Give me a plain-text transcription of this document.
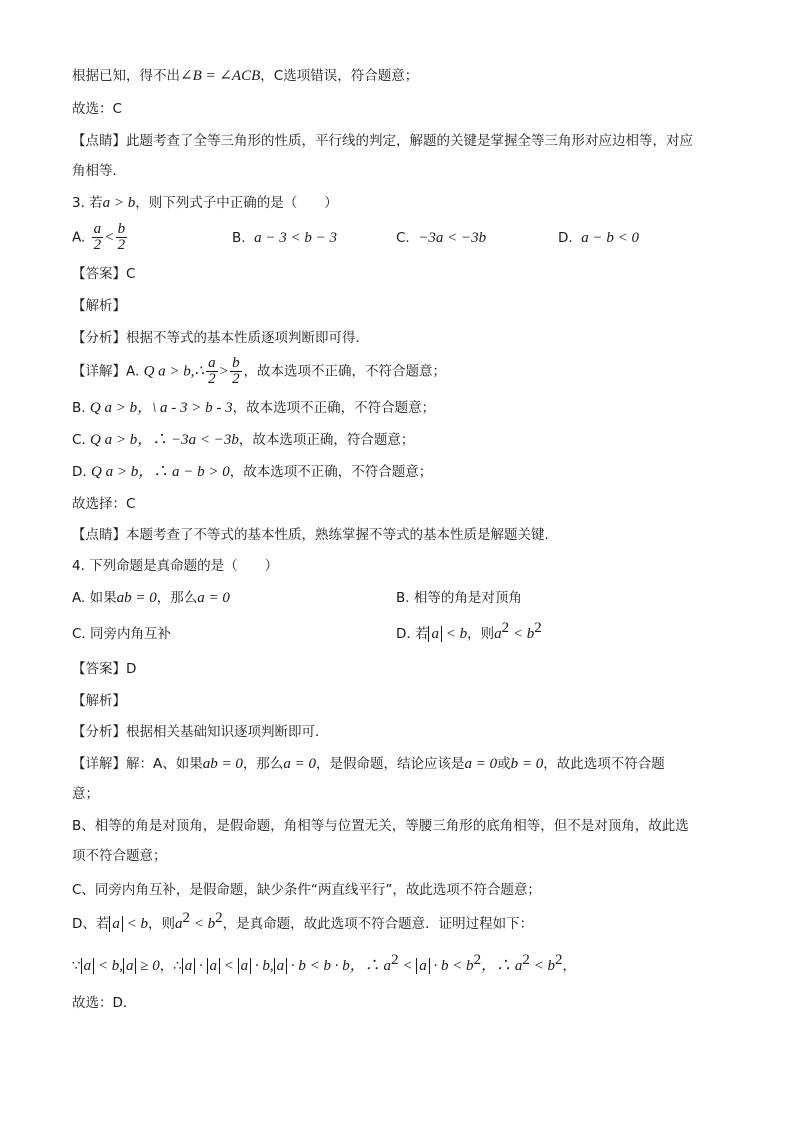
根据已知，得不出∠B = ∠ACB，C选项错误，符合题意；
故选：C
【点睛】此题考查了全等三角形的性质，平行线的判定，解题的关键是掌握全等三角形对应边相等，对应
角相等．
3. 若a > b，则下列式子中正确的是（　　）
A. $\frac{a}{2} < \frac{b}{2}$	B. a − 3 < b − 3	C. −3a < −3b	D. a − b < 0
【答案】C
【解析】
【分析】根据不等式的基本性质逐项判断即可得．
【详解】A. Q a > b,∴ $\frac{a}{2} > \frac{b}{2}$ ，故本选项不正确，不符合题意；
B. Q a > b，\ a - 3 > b - 3，故本选项不正确，不符合题意；
C. Q a > b，∴ −3a < −3b，故本选项正确，符合题意；
D. Q a > b，∴ a − b > 0，故本选项不正确，不符合题意；
故选择：C
【点睛】本题考查了不等式的基本性质，熟练掌握不等式的基本性质是解题关键．
4. 下列命题是真命题的是（　　）
A. 如果ab = 0，那么a = 0	B. 相等的角是对顶角
C. 同旁内角互补	D. 若 a < b，则$a^2 < b^2$
【答案】D
【解析】
【分析】根据相关基础知识逐项判断即可．
【详解】解：A、如果ab = 0，那么a = 0，是假命题，结论应该是a = 0或b = 0，故此选项不符合题
意；
B、相等的角是对顶角，是假命题，角相等与位置无关，等腰三角形的底角相等，但不是对顶角，故此选
项不符合题意；
C、同旁内角互补，是假命题，缺少条件“两直线平行”，故此选项不符合题意；
D、若 a < b，则$a^2 < b^2$，是真命题，故此选项不符合题意．证明过程如下：
∵ a < b, a ≥ 0，∴ a · a < a · b, a · b < b · b，∴ $a^2 < a \cdot b < b^2$，∴ $a^2 < b^2$，
故选：D．
